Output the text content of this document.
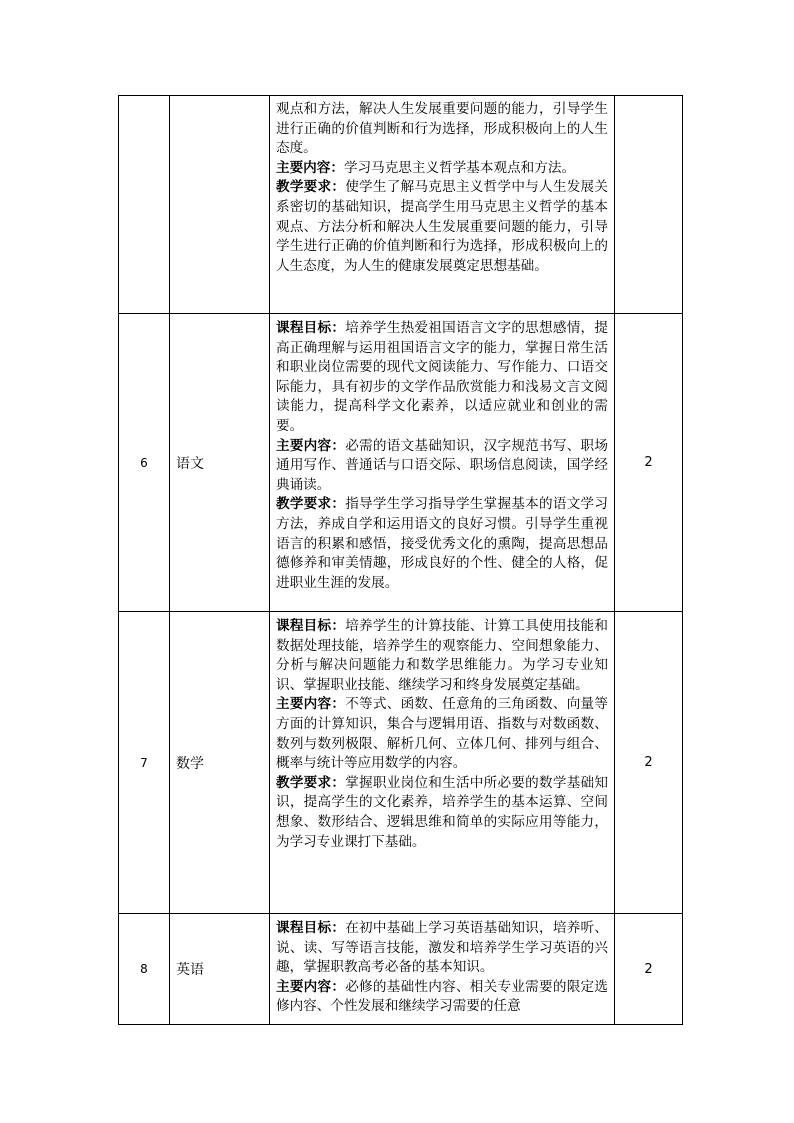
		观点和方法，解决人生发展重要问题的能力，引导学生进行正确的价值判断和行为选择，形成积极向上的人生态度。

主要内容：学习马克思主义哲学基本观点和方法。

教学要求：使学生了解马克思主义哲学中与人生发展关系密切的基础知识，提高学生用马克思主义哲学的基本观点、方法分析和解决人生发展重要问题的能力，引导学生进行正确的价值判断和行为选择，形成积极向上的人生态度，为人生的健康发展奠定思想基础。	

6	语文	课程目标：培养学生热爱祖国语言文字的思想感情，提高正确理解与运用祖国语言文字的能力，掌握日常生活和职业岗位需要的现代文阅读能力、写作能力、口语交际能力，具有初步的文学作品欣赏能力和浅易文言文阅读能力，提高科学文化素养，以适应就业和创业的需要。

主要内容：必需的语文基础知识，汉字规范书写、职场通用写作、普通话与口语交际、职场信息阅读，国学经典诵读。

教学要求：指导学生学习指导学生掌握基本的语文学习方法，养成自学和运用语文的良好习惯。引导学生重视语言的积累和感悟，接受优秀文化的熏陶，提高思想品德修养和审美情趣，形成良好的个性、健全的人格，促进职业生涯的发展。	2
7	数学	课程目标：培养学生的计算技能、计算工具使用技能和数据处理技能，培养学生的观察能力、空间想象能力、分析与解决问题能力和数学思维能力。为学习专业知识、掌握职业技能、继续学习和终身发展奠定基础。

主要内容：不等式、函数、任意角的三角函数、向量等方面的计算知识，集合与逻辑用语、指数与对数函数、数列与数列极限、解析几何、立体几何、排列与组合、概率与统计等应用数学的内容。

教学要求：掌握职业岗位和生活中所必要的数学基础知识，提高学生的文化素养，培养学生的基本运算、空间想象、数形结合、逻辑思维和简单的实际应用等能力，为学习专业课打下基础。	2
8	英语	课程目标：在初中基础上学习英语基础知识，培养听、说、读、写等语言技能，激发和培养学生学习英语的兴趣，掌握职教高考必备的基本知识。

主要内容：必修的基础性内容、相关专业需要的限定选修内容、个性发展和继续学习需要的任意	2
